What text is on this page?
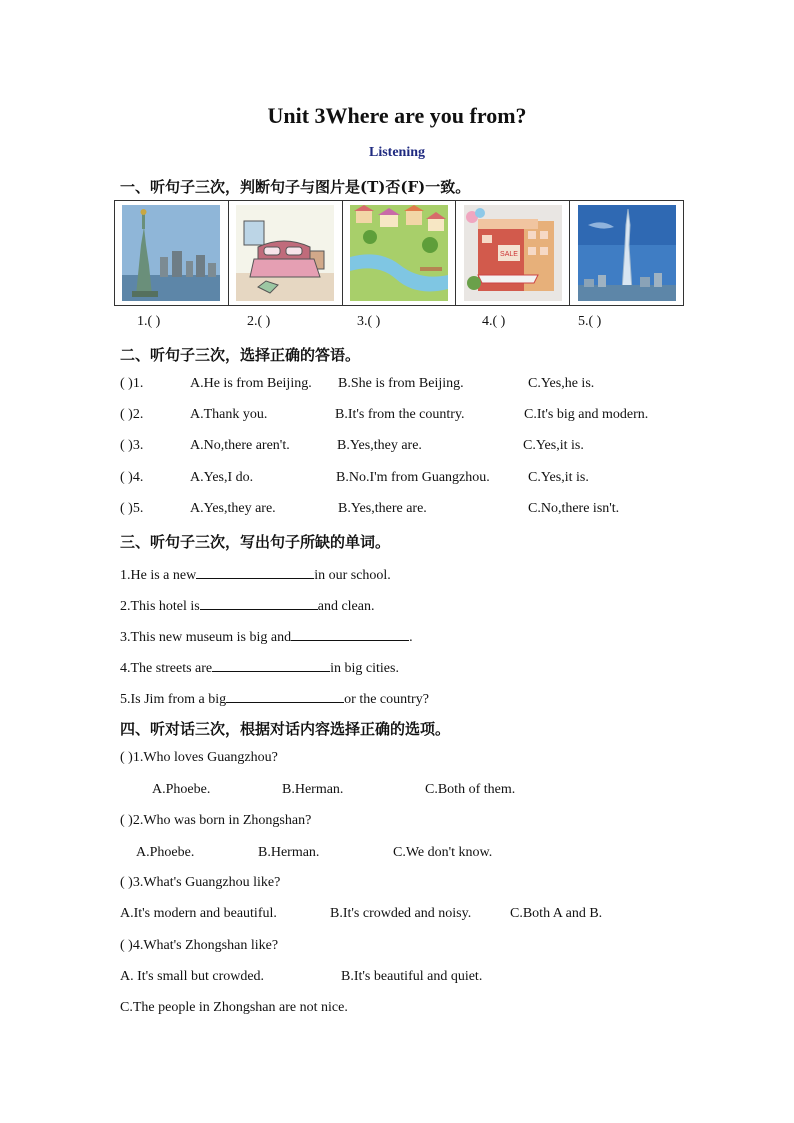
Unit 3Where are you from?
Listening
一、听句子三次，判断句子与图片是(T)否(F)一致。
SALE
1.( )	2.( )	3.( )	4.( )	5.( )
二、听句子三次，选择正确的答语。
( )1.	A.He is from Beijing. B.She is from Beijing.	C.Yes,he is.
( )2.	A.Thank you.	B.It's from the country.	C.It's big and modern.
( )3.	A.No,there aren't.	B.Yes,they are.	C.Yes,it is.
( )4.	A.Yes,I do.	B.No.I'm from Guangzhou.	C.Yes,it is.
( )5.	A.Yes,they are.	B.Yes,there are.	C.No,there isn't.
三、听句子三次，写出句子所缺的单词。
1.He is a new	in our school.
2.This hotel is	and clean.
3.This new museum is big and	.
4.The streets are	in big cities.
5.Is Jim from a big	or the country?
四、听对话三次，根据对话内容选择正确的选项。
( )1.Who loves Guangzhou?
A.Phoebe.	B.Herman.	C.Both of them.
( )2.Who was born in Zhongshan?
A.Phoebe.	B.Herman.	C.We don't know.
( )3.What's Guangzhou like?
A.It's modern and beautiful.	B.It's crowded and noisy.	C.Both A and B.
( )4.What's Zhongshan like?
A. It's small but crowded.	B.It's beautiful and quiet.
C.The people in Zhongshan are not nice.
